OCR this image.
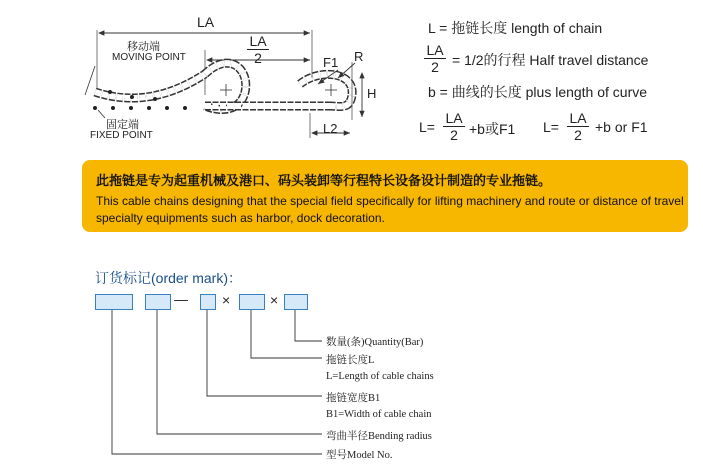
LA
$\frac{LA}{2}$	F1 R
H
L2
移动端
MOVING POINT
固定端
FIXED POINT
L = 拖链长度 length of chain
$\frac{LA}{2} = 1/2$的行程 Half travel distance
b = 曲线的长度 plus length of curve
$L= \frac{LA}{2} +b$或F1 $L= \frac{LA}{2} +b$ or F1
此拖链是专为起重机械及港口、码头装卸等行程特长设备设计制造的专业拖链。
This cable chains designing that the special field specifically for lifting machinery and route or distance of travel specialty equipments such as harbor, dock decoration.
订货标记(order mark)：
— ×	×
数量(条)Quantity(Bar)
拖链长度L
L=Length of cable chains
拖链宽度B1
B1=Width of cable chain
弯曲半径Bending radius
型号Model No.
